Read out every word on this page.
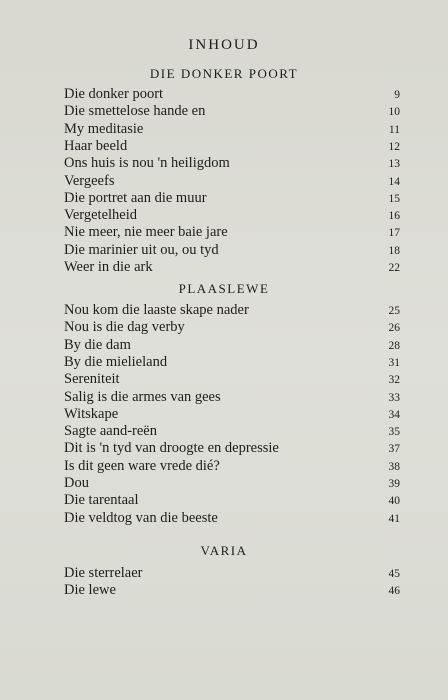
INHOUD
DIE DONKER POORT
Die donker poort	9
Die smettelose hande en	10
My meditasie	11
Haar beeld	12
Ons huis is nou 'n heiligdom	13
Vergeefs	14
Die portret aan die muur	15
Vergetelheid	16
Nie meer, nie meer baie jare	17
Die marinier uit ou, ou tyd	18
Weer in die ark	22
PLAASLEWE
Nou kom die laaste skape nader	25
Nou is die dag verby	26
By die dam	28
By die mielieland	31
Sereniteit	32
Salig is die armes van gees	33
Witskape	34
Sagte aand-reën	35
Dit is 'n tyd van droogte en depressie	37
Is dit geen ware vrede dié?	38
Dou	39
Die tarentaal	40
Die veldtog van die beeste	41
VARIA
Die sterrelaer	45
Die lewe	46
